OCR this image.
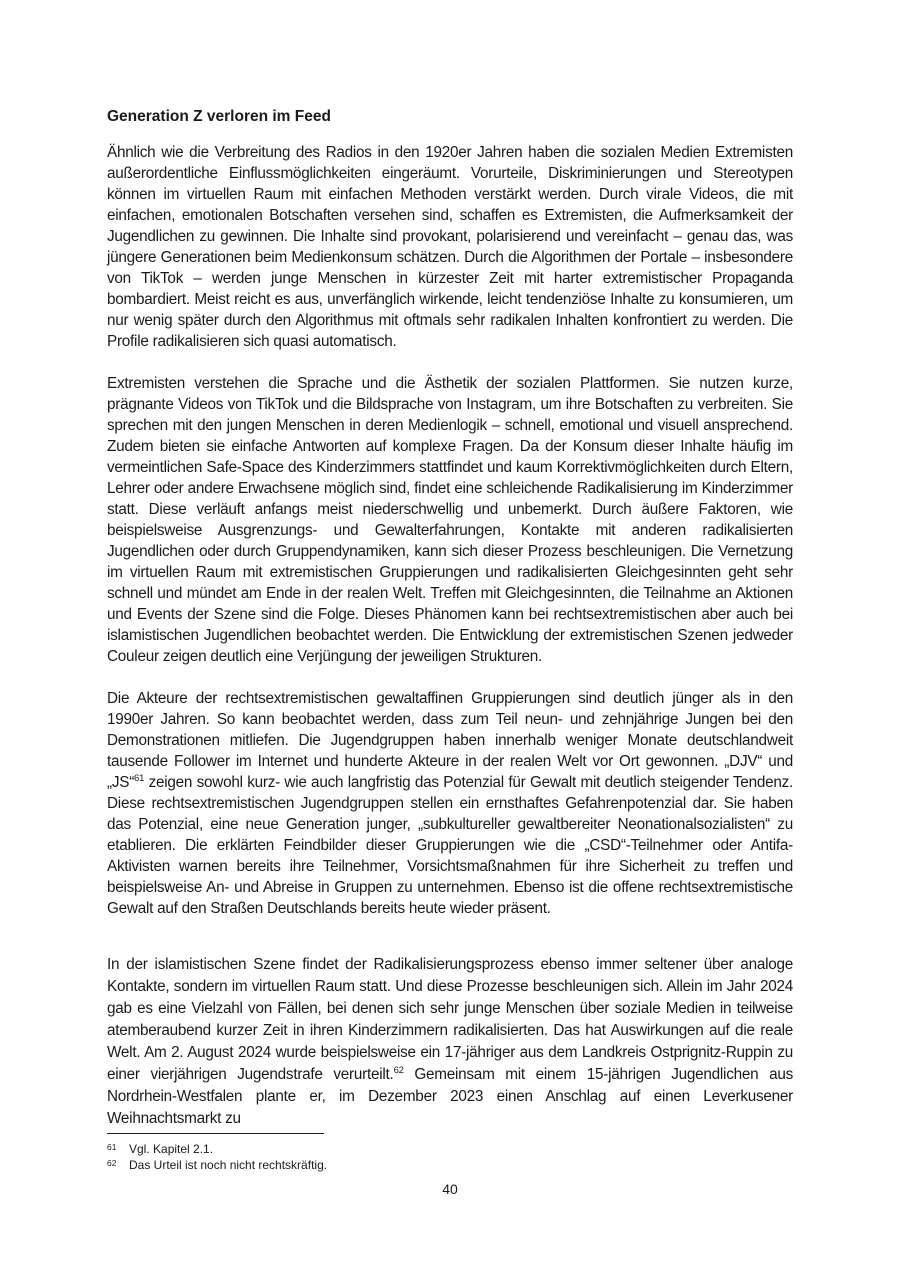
Generation Z verloren im Feed

Ähnlich wie die Verbreitung des Radios in den 1920er Jahren haben die sozialen Medien Extremisten außerordentliche Einflussmöglichkeiten eingeräumt. Vorurteile, Diskriminierungen und Stereotypen können im virtuellen Raum mit einfachen Methoden verstärkt werden. Durch virale Videos, die mit einfachen, emotionalen Botschaften versehen sind, schaffen es Extremisten, die Aufmerksamkeit der Jugendlichen zu gewinnen. Die Inhalte sind provokant, polarisierend und vereinfacht – genau das, was jüngere Generationen beim Medienkonsum schätzen. Durch die Algorithmen der Portale – insbesondere von TikTok – werden junge Menschen in kürzester Zeit mit harter extremistischer Propaganda bombardiert. Meist reicht es aus, unverfänglich wirkende, leicht tendenziöse Inhalte zu konsumieren, um nur wenig später durch den Algorithmus mit oftmals sehr radikalen Inhalten konfrontiert zu werden. Die Profile radikalisieren sich quasi automatisch.

Extremisten verstehen die Sprache und die Ästhetik der sozialen Plattformen. Sie nutzen kurze, prägnante Videos von TikTok und die Bildsprache von Instagram, um ihre Botschaften zu verbreiten. Sie sprechen mit den jungen Menschen in deren Medienlogik – schnell, emotional und visuell ansprechend. Zudem bieten sie einfache Antworten auf komplexe Fragen. Da der Konsum dieser Inhalte häufig im vermeintlichen Safe-Space des Kinderzimmers stattfindet und kaum Korrektivmöglichkeiten durch Eltern, Lehrer oder andere Erwachsene möglich sind, findet eine schleichende Radikalisierung im Kinderzimmer statt. Diese verläuft anfangs meist niederschwellig und unbemerkt. Durch äußere Faktoren, wie beispielsweise Ausgrenzungs- und Gewalterfahrungen, Kontakte mit anderen radikalisierten Jugendlichen oder durch Gruppendynamiken, kann sich dieser Prozess beschleunigen. Die Vernetzung im virtuellen Raum mit extremistischen Gruppierungen und radikalisierten Gleichgesinnten geht sehr schnell und mündet am Ende in der realen Welt. Treffen mit Gleichgesinnten, die Teilnahme an Aktionen und Events der Szene sind die Folge. Dieses Phänomen kann bei rechtsextremistischen aber auch bei islamistischen Jugendlichen beobachtet werden. Die Entwicklung der extremistischen Szenen jedweder Couleur zeigen deutlich eine Verjüngung der jeweiligen Strukturen.

Die Akteure der rechtsextremistischen gewaltaffinen Gruppierungen sind deutlich jünger als in den 1990er Jahren. So kann beobachtet werden, dass zum Teil neun- und zehnjährige Jungen bei den Demonstrationen mitliefen. Die Jugendgruppen haben innerhalb weniger Monate deutschlandweit tausende Follower im Internet und hunderte Akteure in der realen Welt vor Ort gewonnen. „DJV“ und „JS“$^{61}$ zeigen sowohl kurz- wie auch langfristig das Potenzial für Gewalt mit deutlich steigender Tendenz. Diese rechtsextremistischen Jugendgruppen stellen ein ernsthaftes Gefahrenpotenzial dar. Sie haben das Potenzial, eine neue Generation junger, „subkultureller gewaltbereiter Neonationalsozialisten“ zu etablieren. Die erklärten Feindbilder dieser Gruppierungen wie die „CSD“-Teilnehmer oder Antifa-Aktivisten warnen bereits ihre Teilnehmer, Vorsichtsmaßnahmen für ihre Sicherheit zu treffen und beispielsweise An- und Abreise in Gruppen zu unternehmen. Ebenso ist die offene rechtsextremistische Gewalt auf den Straßen Deutschlands bereits heute wieder präsent.

In der islamistischen Szene findet der Radikalisierungsprozess ebenso immer seltener über analoge Kontakte, sondern im virtuellen Raum statt. Und diese Prozesse beschleunigen sich. Allein im Jahr 2024 gab es eine Vielzahl von Fällen, bei denen sich sehr junge Menschen über soziale Medien in teilweise atemberaubend kurzer Zeit in ihren Kinderzimmern radikalisierten. Das hat Auswirkungen auf die reale Welt. Am 2. August 2024 wurde beispielsweise ein 17-jähriger aus dem Landkreis Ostprignitz-Ruppin zu einer vierjährigen Jugendstrafe verurteilt.$^{62}$ Gemeinsam mit einem 15-jährigen Jugendlichen aus Nordrhein-Westfalen plante er, im Dezember 2023 einen Anschlag auf einen Leverkusener Weihnachtsmarkt zu

61	Vgl. Kapitel 2.1.
62	Das Urteil ist noch nicht rechtskräftig.
40
